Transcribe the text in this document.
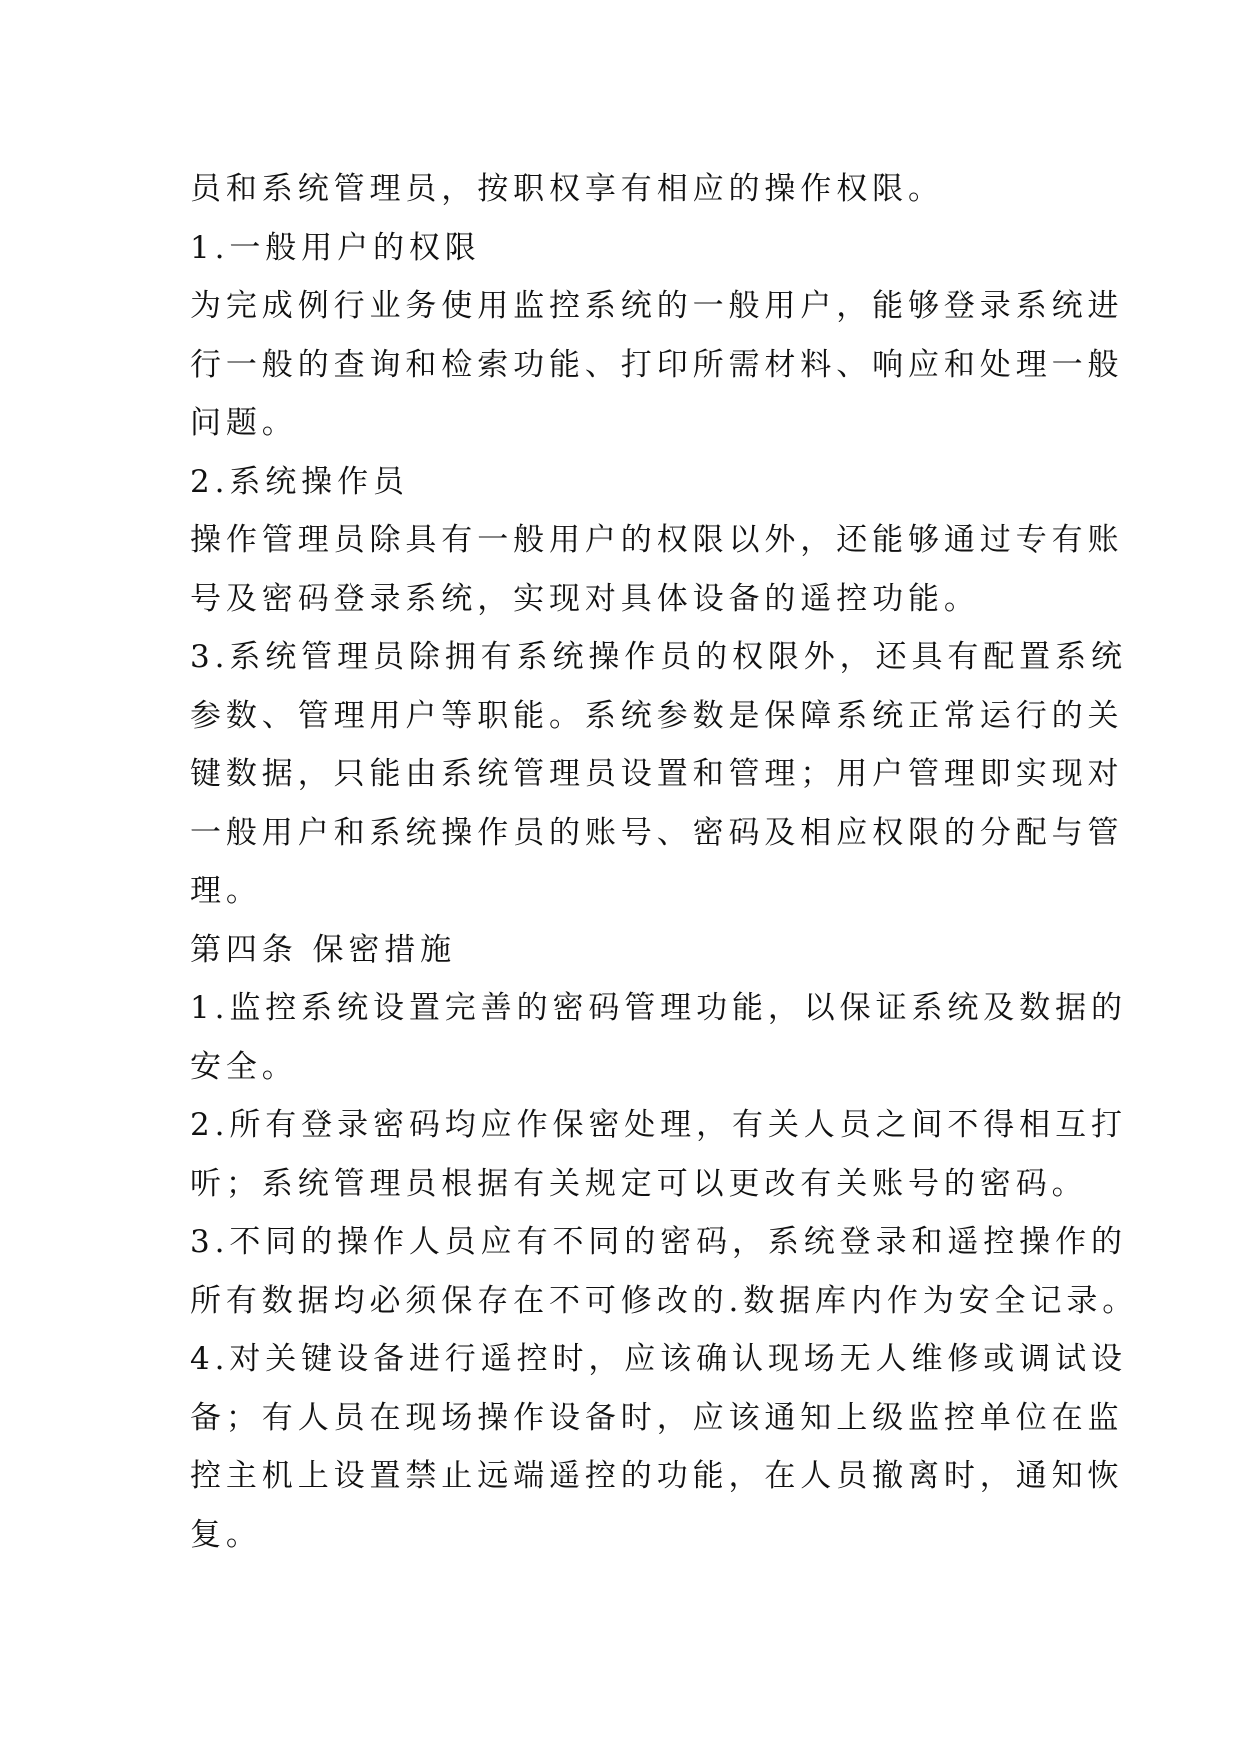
员和系统管理员，按职权享有相应的操作权限。
1.一般用户的权限
为完成例行业务使用监控系统的一般用户，能够登录系统进
行一般的查询和检索功能、打印所需材料、响应和处理一般
问题。
2.系统操作员
操作管理员除具有一般用户的权限以外，还能够通过专有账
号及密码登录系统，实现对具体设备的遥控功能。
3.系统管理员除拥有系统操作员的权限外，还具有配置系统
参数、管理用户等职能。系统参数是保障系统正常运行的关
键数据，只能由系统管理员设置和管理；用户管理即实现对
一般用户和系统操作员的账号、密码及相应权限的分配与管
理。
第四条 保密措施
1.监控系统设置完善的密码管理功能，以保证系统及数据的
安全。
2.所有登录密码均应作保密处理，有关人员之间不得相互打
听；系统管理员根据有关规定可以更改有关账号的密码。
3.不同的操作人员应有不同的密码，系统登录和遥控操作的
所有数据均必须保存在不可修改的.数据库内作为安全记录。
4.对关键设备进行遥控时，应该确认现场无人维修或调试设
备；有人员在现场操作设备时，应该通知上级监控单位在监
控主机上设置禁止远端遥控的功能，在人员撤离时，通知恢
复。
